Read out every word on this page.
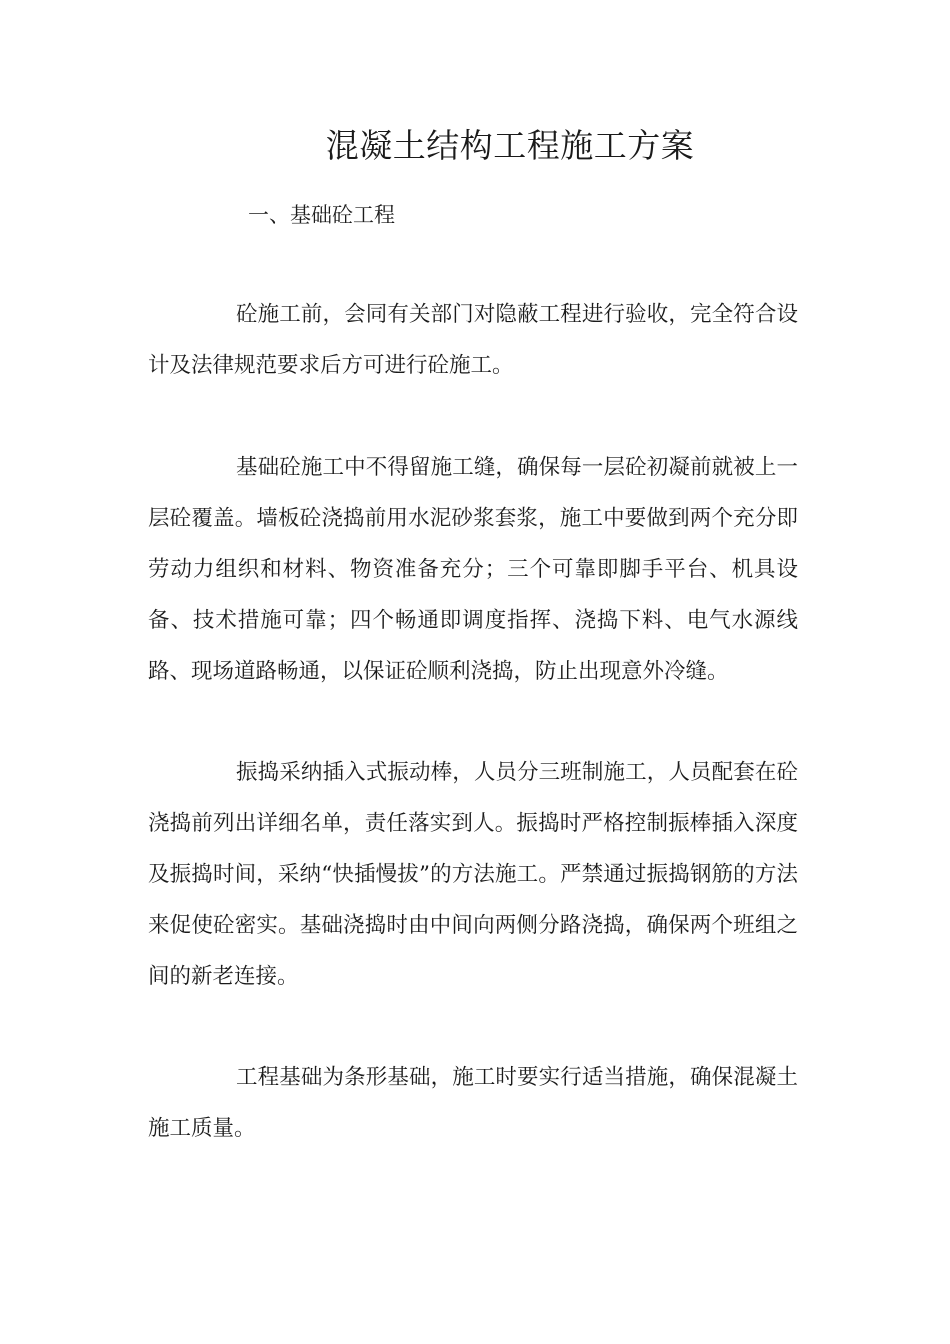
混凝土结构工程施工方案
一、基础砼工程

砼施工前，会同有关部门对隐蔽工程进行验收，完全符合设计及法律规范要求后方可进行砼施工。

基础砼施工中不得留施工缝，确保每一层砼初凝前就被上一层砼覆盖。墙板砼浇捣前用水泥砂浆套浆，施工中要做到两个充分即劳动力组织和材料、物资准备充分；三个可靠即脚手平台、机具设备、技术措施可靠；四个畅通即调度指挥、浇捣下料、电气水源线路、现场道路畅通，以保证砼顺利浇捣，防止出现意外冷缝。

振捣采纳插入式振动棒，人员分三班制施工，人员配套在砼浇捣前列出详细名单，责任落实到人。振捣时严格控制振棒插入深度及振捣时间，采纳“快插慢拔”的方法施工。严禁通过振捣钢筋的方法来促使砼密实。基础浇捣时由中间向两侧分路浇捣，确保两个班组之间的新老连接。

工程基础为条形基础，施工时要实行适当措施，确保混凝土施工质量。
